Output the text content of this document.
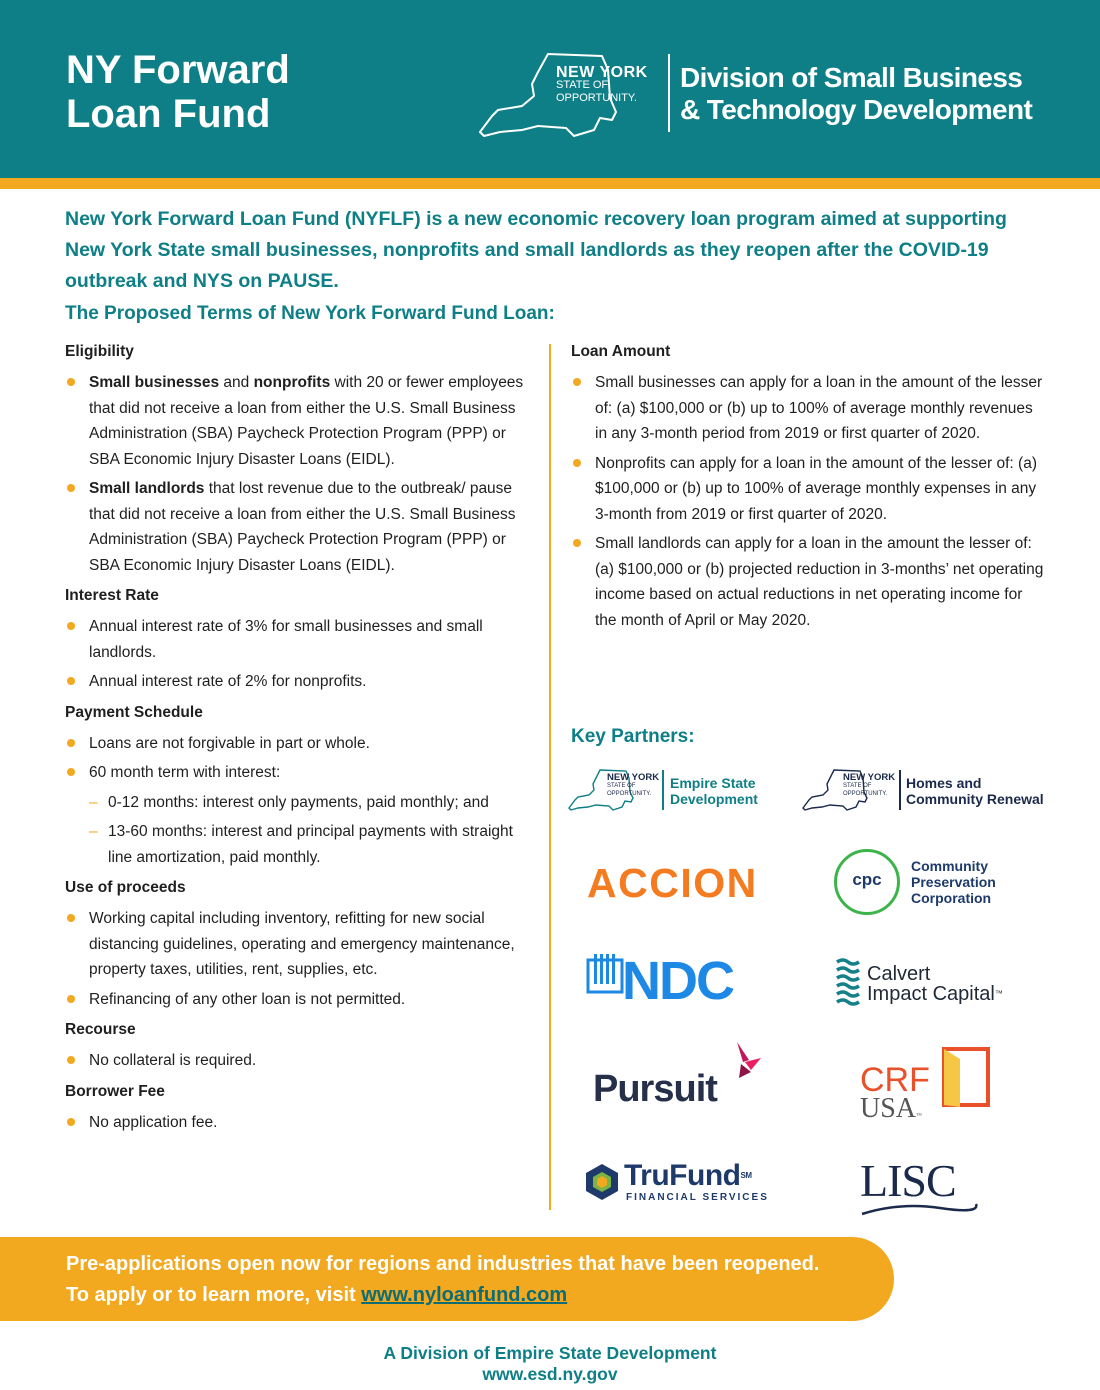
NY Forward
Loan Fund
NEW YORK
STATE OF
OPPORTUNITY.
Division of Small Business
& Technology Development

New York Forward Loan Fund (NYFLF) is a new economic recovery loan program aimed at supporting New York State small businesses, nonprofits and small landlords as they reopen after the COVID-19 outbreak and NYS on PAUSE.

The Proposed Terms of New York Forward Fund Loan:
Eligibility
Small businesses and nonprofits with 20 or fewer employees that did not receive a loan from either the U.S. Small Business Administration (SBA) Paycheck Protection Program (PPP) or SBA Economic Injury Disaster Loans (EIDL).
Small landlords that lost revenue due to the outbreak/ pause that did not receive a loan from either the U.S. Small Business Administration (SBA) Paycheck Protection Program (PPP) or SBA Economic Injury Disaster Loans (EIDL).
Interest Rate
Annual interest rate of 3% for small businesses and small landlords.
Annual interest rate of 2% for nonprofits.
Payment Schedule
Loans are not forgivable in part or whole.
60 month term with interest:
– 0-12 months: interest only payments, paid monthly; and
– 13-60 months: interest and principal payments with straight line amortization, paid monthly.
Use of proceeds
Working capital including inventory, refitting for new social distancing guidelines, operating and emergency maintenance, property taxes, utilities, rent, supplies, etc.
Refinancing of any other loan is not permitted.
Recourse
No collateral is required.
Borrower Fee
No application fee.
Loan Amount
Small businesses can apply for a loan in the amount of the lesser of: (a) $100,000 or (b) up to 100% of average monthly revenues in any 3-month period from 2019 or first quarter of 2020.
Nonprofits can apply for a loan in the amount of the lesser of: (a) $100,000 or (b) up to 100% of average monthly expenses in any 3-month from 2019 or first quarter of 2020.
Small landlords can apply for a loan in the amount the lesser of: (a) $100,000 or (b) projected reduction in 3-months’ net operating income based on actual reductions in net operating income for the month of April or May 2020.
Key Partners:
NEW YORK
STATE OF
OPPORTUNITY.
Empire State
Development
NEW YORK
STATE OF
OPPORTUNITY.
Homes and
Community Renewal
ACCION	cpc
Community
Preservation
Corporation
NDC	Calvert
Impact Capital™
Pursuit	CRF
USA™
TruFund℠
FINANCIAL SERVICES LISC
Pre-applications open now for regions and industries that have been reopened.
To apply or to learn more, visit www.nyloanfund.com
A Division of Empire State Development
www.esd.ny.gov
